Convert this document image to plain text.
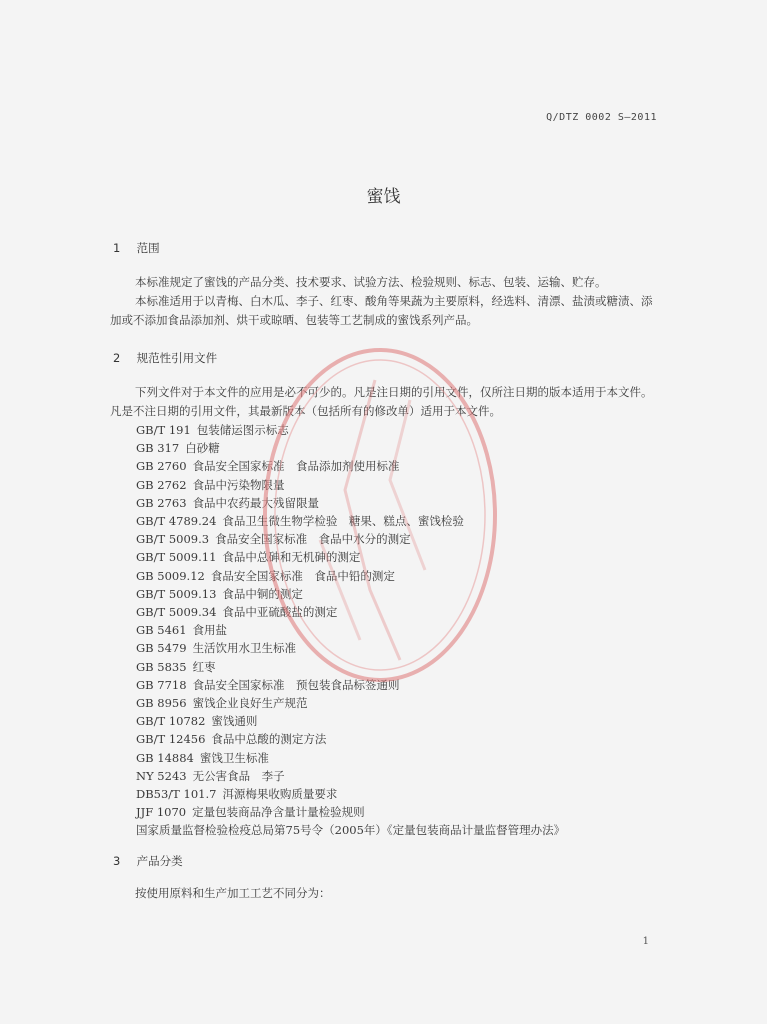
Q/DTZ 0002 S—2011
蜜饯
1 范围
本标准规定了蜜饯的产品分类、技术要求、试验方法、检验规则、标志、包装、运输、贮存。
本标准适用于以青梅、白木瓜、李子、红枣、酸角等果蔬为主要原料，经选料、清漂、盐渍或糖渍、添加或不添加食品添加剂、烘干或晾晒、包装等工艺制成的蜜饯系列产品。
2 规范性引用文件
下列文件对于本文件的应用是必不可少的。凡是注日期的引用文件，仅所注日期的版本适用于本文件。凡是不注日期的引用文件，其最新版本（包括所有的修改单）适用于本文件。
GB/T 191 包装储运图示标志
GB 317 白砂糖
GB 2760 食品安全国家标准　食品添加剂使用标准
GB 2762 食品中污染物限量
GB 2763 食品中农药最大残留限量
GB/T 4789.24 食品卫生微生物学检验　糖果、糕点、蜜饯检验
GB/T 5009.3 食品安全国家标准　食品中水分的测定
GB/T 5009.11 食品中总砷和无机砷的测定
GB 5009.12 食品安全国家标准　食品中铅的测定
GB/T 5009.13 食品中铜的测定
GB/T 5009.34 食品中亚硫酸盐的测定
GB 5461 食用盐
GB 5479 生活饮用水卫生标准
GB 5835 红枣
GB 7718 食品安全国家标准　预包装食品标签通则
GB 8956 蜜饯企业良好生产规范
GB/T 10782 蜜饯通则
GB/T 12456 食品中总酸的测定方法
GB 14884 蜜饯卫生标准
NY 5243 无公害食品　李子
DB53/T 101.7 洱源梅果收购质量要求
JJF 1070 定量包装商品净含量计量检验规则
国家质量监督检验检疫总局第75号令（2005年）《定量包装商品计量监督管理办法》
3 产品分类
按使用原料和生产加工工艺不同分为：
1
